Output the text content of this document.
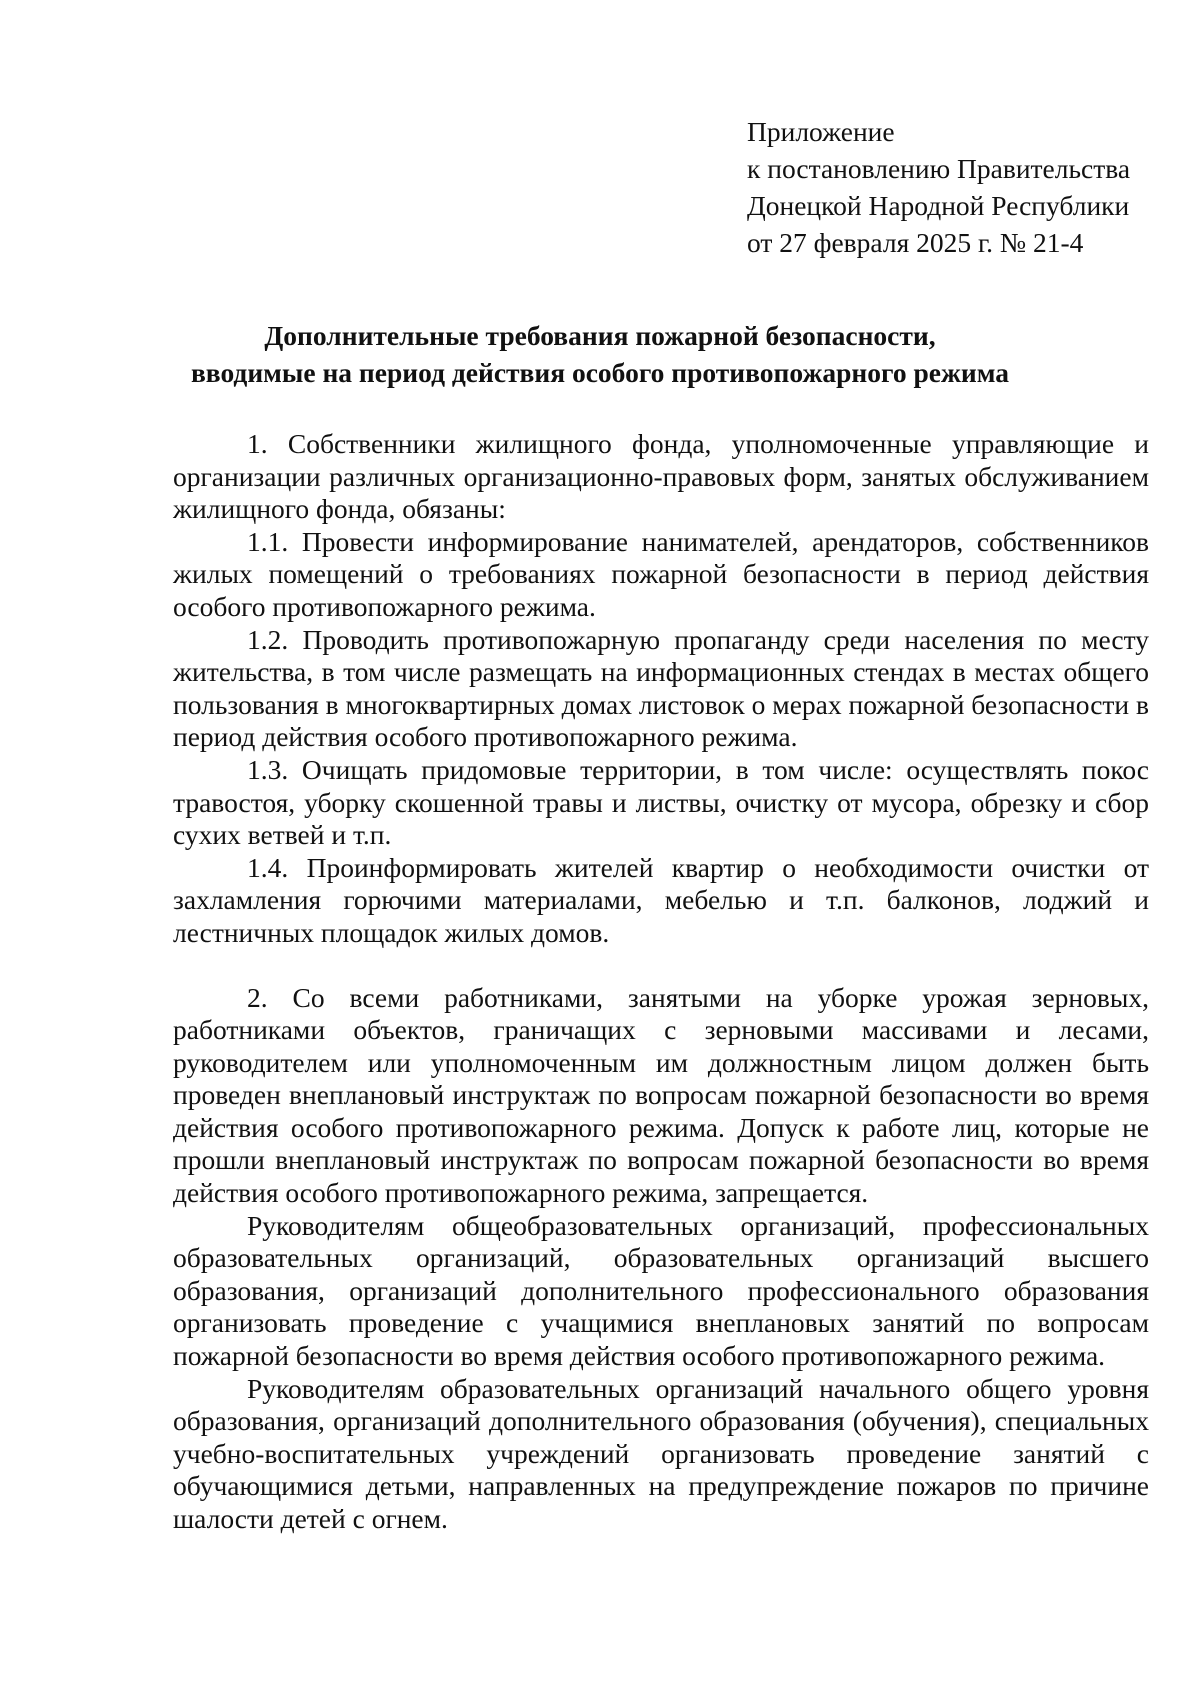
Приложение
к постановлению Правительства
Донецкой Народной Республики
от 27 февраля 2025 г. № 21-4
Дополнительные требования пожарной безопасности,
вводимые на период действия особого противопожарного режима

1. Собственники жилищного фонда, уполномоченные управляющие и организации различных организационно-правовых форм, занятых обслуживанием жилищного фонда, обязаны:

1.1. Провести информирование нанимателей, арендаторов, собственников жилых помещений о требованиях пожарной безопасности в период действия особого противопожарного режима.

1.2. Проводить противопожарную пропаганду среди населения по месту жительства, в том числе размещать на информационных стендах в местах общего пользования в многоквартирных домах листовок о мерах пожарной безопасности в период действия особого противопожарного режима.

1.3. Очищать придомовые территории, в том числе: осуществлять покос травостоя, уборку скошенной травы и листвы, очистку от мусора, обрезку и сбор сухих ветвей и т.п.

1.4. Проинформировать жителей квартир о необходимости очистки от захламления горючими материалами, мебелью и т.п. балконов, лоджий и лестничных площадок жилых домов.

2. Со всеми работниками, занятыми на уборке урожая зерновых, работниками объектов, граничащих с зерновыми массивами и лесами, руководителем или уполномоченным им должностным лицом должен быть проведен внеплановый инструктаж по вопросам пожарной безопасности во время действия особого противопожарного режима. Допуск к работе лиц, которые не прошли внеплановый инструктаж по вопросам пожарной безопасности во время действия особого противопожарного режима, запрещается.

Руководителям общеобразовательных организаций, профессиональных образовательных организаций, образовательных организаций высшего образования, организаций дополнительного профессионального образования организовать проведение с учащимися внеплановых занятий по вопросам пожарной безопасности во время действия особого противопожарного режима.

Руководителям образовательных организаций начального общего уровня образования, организаций дополнительного образования (обучения), специальных учебно-воспитательных учреждений организовать проведение занятий с обучающимися детьми, направленных на предупреждение пожаров по причине шалости детей с огнем.
